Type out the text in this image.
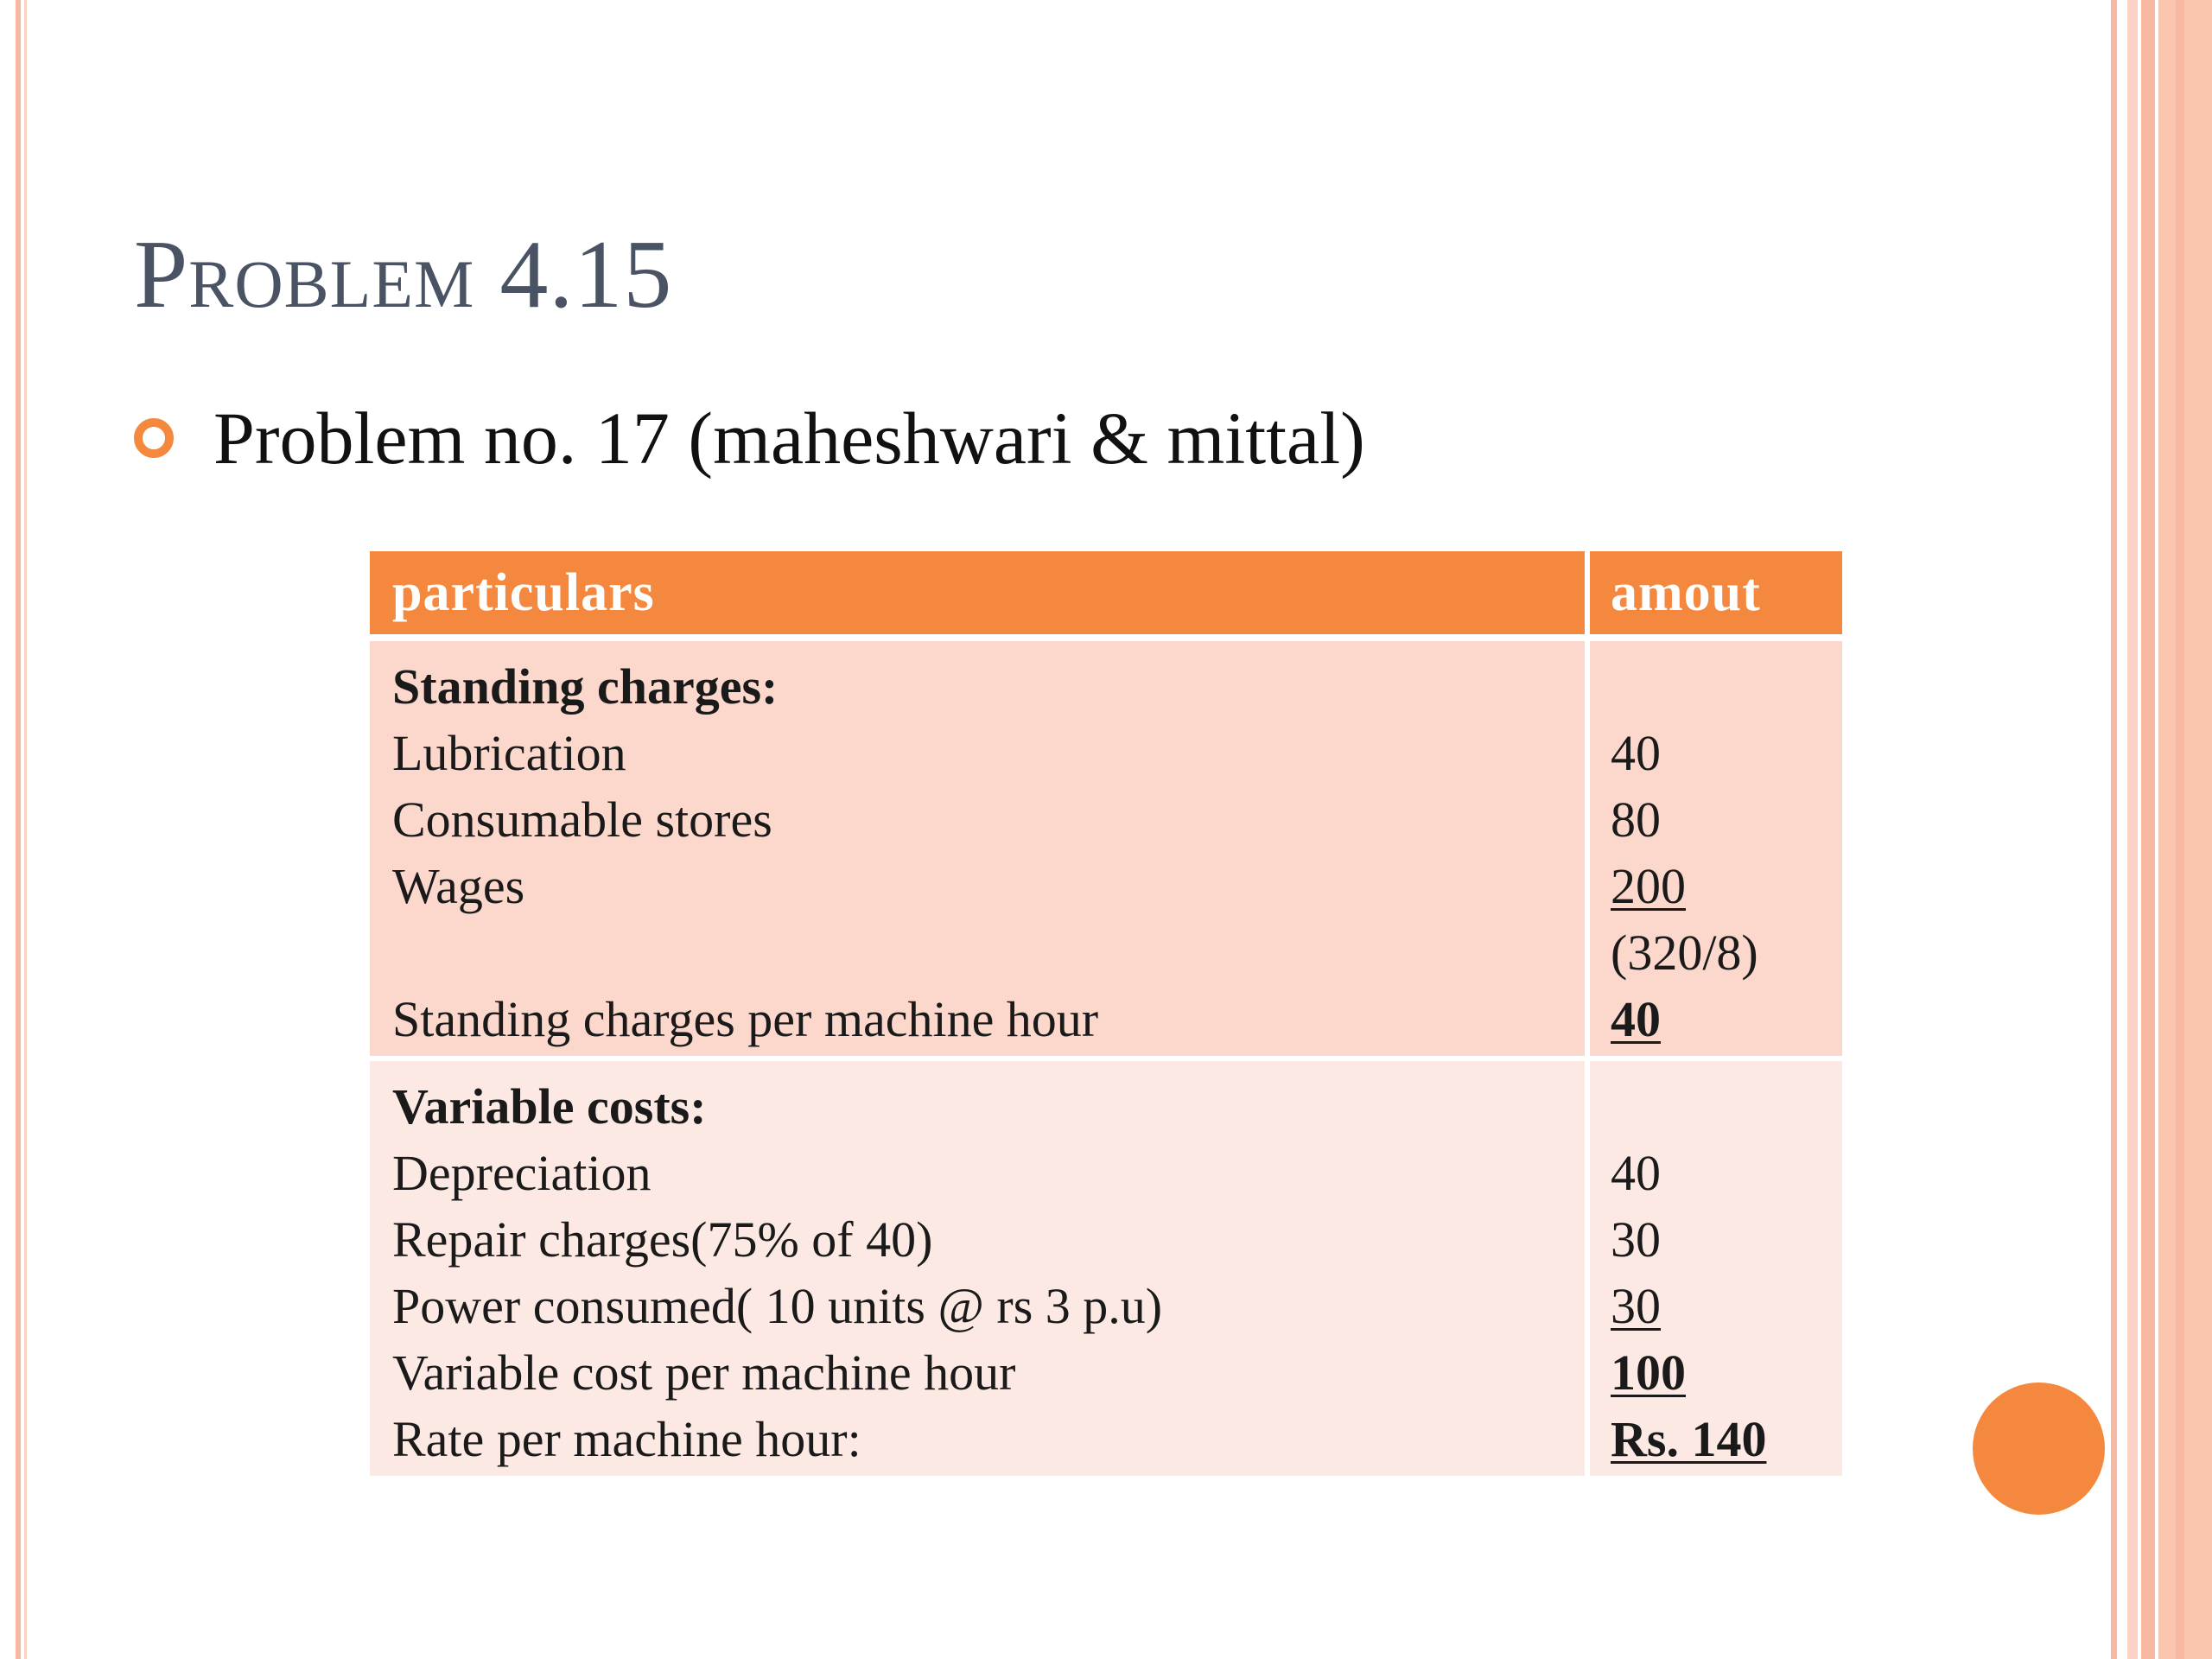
Problem 4.15
Problem no. 17 (maheshwari & mittal)
particulars	amout
Standing charges:
Lubrication
Consumable stores
Wages
Standing charges per machine hour
40
80
200
(320/8)
40
Variable costs:
Depreciation
Repair charges(75% of 40)
Power consumed( 10 units @ rs 3 p.u)
Variable cost per machine hour
Rate per machine hour:
40
30
30
100
Rs. 140
